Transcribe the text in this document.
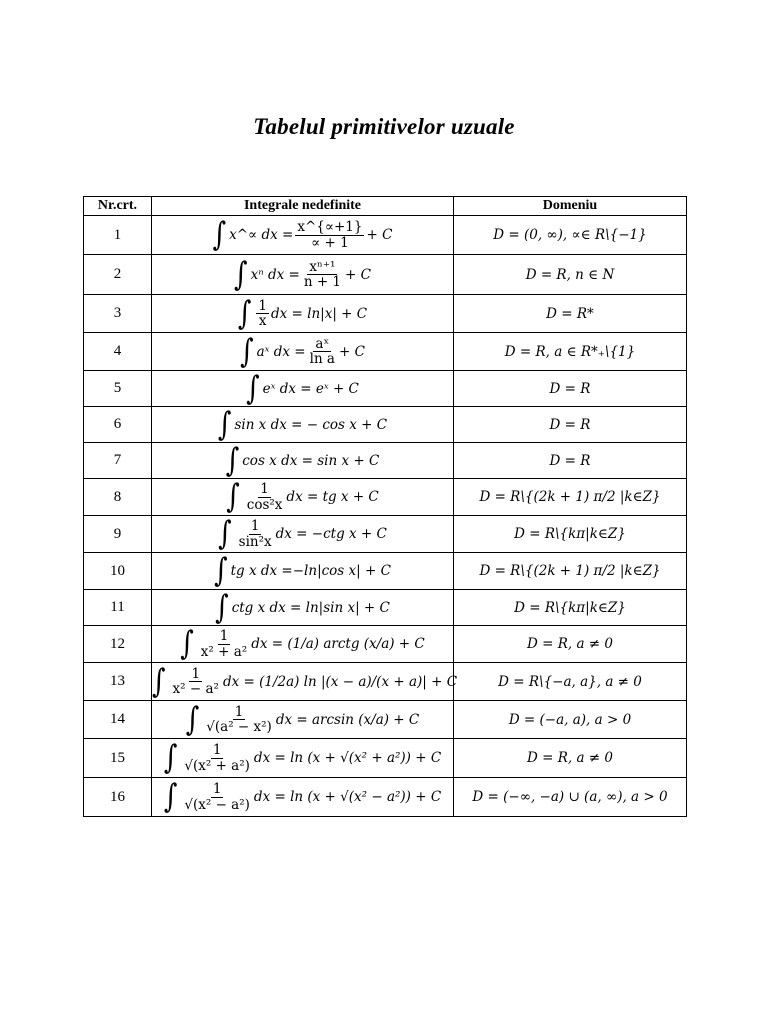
Tabelul primitivelor uzuale
Nr.crt.	Integrale nedefinite	Domeniu
1	∫ x^∝ dx = $\frac{x\^{}\{\propto+1\}}{\propto + 1} + C$	D = (0, ∞), ∝∈ R\{−1}
2	∫ xⁿ dx = $\frac{\text{xⁿ⁺¹}}{n + 1} + C$	D = R, n ∈ N
3	∫ $\frac{1}{x}$ dx = ln|x| + C	D = R*
4	∫ aˣ dx = $\frac{\text{aˣ}}{\text{ln a}} + C$	D = R, a ∈ R*₊\{1}
5	∫ eˣ dx = eˣ + C	D = R
6	∫ sin x dx = − cos x + C	D = R
7	∫ cos x dx = sin x + C	D = R
8	∫ $\frac{1}{\text{cos²x}}$ dx = tg x + C	D = R\{(2k + 1) π/2 |k∈Z}
9	∫ $\frac{1}{\text{sin²x}}$ dx = −ctg x + C	D = R\{kπ|k∈Z}
10	∫ tg x dx =−ln|cos x| + C	D = R\{(2k + 1) π/2 |k∈Z}
11	∫ ctg x dx = ln|sin x| + C	D = R\{kπ|k∈Z}
12	∫ $\frac{1}{\text{x² + a²}}$ dx = (1/a) arctg (x/a) + C	D = R, a ≠ 0
13	∫ $\frac{1}{\text{x² − a²}}$ dx = (1/2a) ln |(x − a)/(x + a)| + C	D = R\{−a, a}, a ≠ 0
14	∫ $\frac{1}{\text{√(a² − x²)}}$ dx = arcsin (x/a) + C	D = (−a, a), a > 0
15	∫ $\frac{1}{\text{√(x² + a²)}}$ dx = ln (x + √(x² + a²)) + C	D = R, a ≠ 0
16	∫ $\frac{1}{\text{√(x² − a²)}}$ dx = ln (x + √(x² − a²)) + C	D = (−∞, −a) ∪ (a, ∞), a > 0
